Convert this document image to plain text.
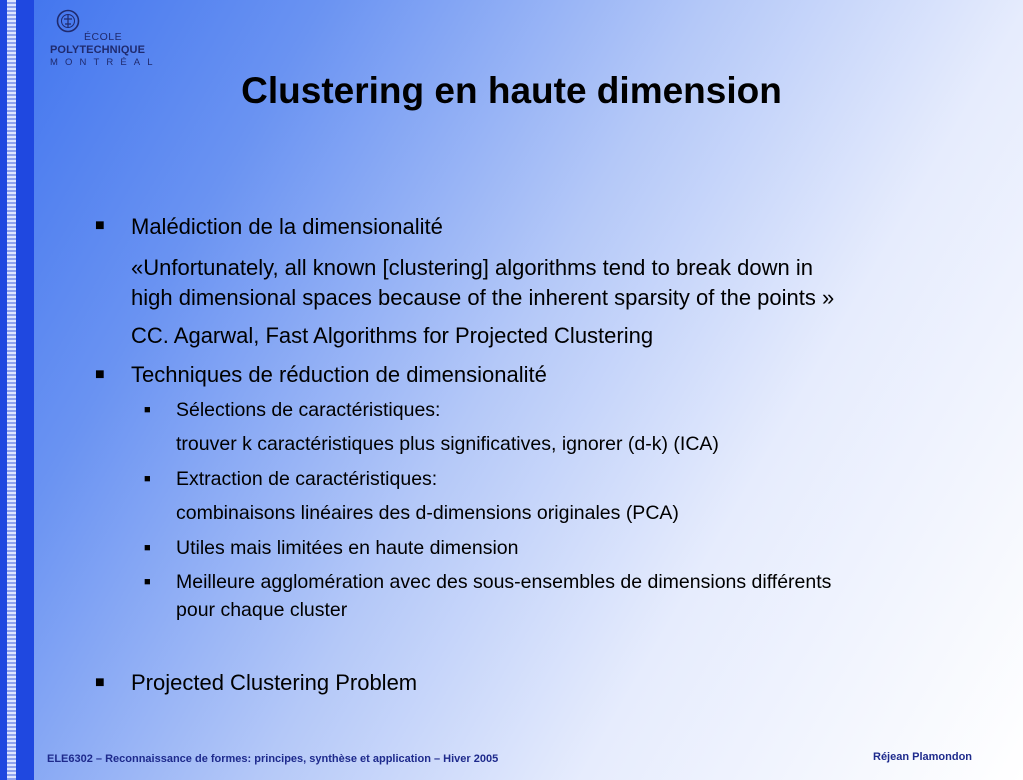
ÉCOLE
POLYTECHNIQUE
MONTRÉAL
Clustering en haute dimension
■ Malédiction de la dimensionalité
«Unfortunately, all known [clustering] algorithms tend to break down in
high dimensional spaces because of the inherent sparsity of the points »
CC. Agarwal, Fast Algorithms for Projected Clustering
■ Techniques de réduction de dimensionalité
■ Sélections de caractéristiques:
trouver k caractéristiques plus significatives, ignorer (d-k) (ICA)
■ Extraction de caractéristiques:
combinaisons linéaires des d-dimensions originales (PCA)
■ Utiles mais limitées en haute dimension
■ Meilleure agglomération avec des sous-ensembles de dimensions différents
pour chaque cluster
■ Projected Clustering Problem
ELE6302 – Reconnaissance de formes: principes, synthèse et application – Hiver 2005	Réjean Plamondon
